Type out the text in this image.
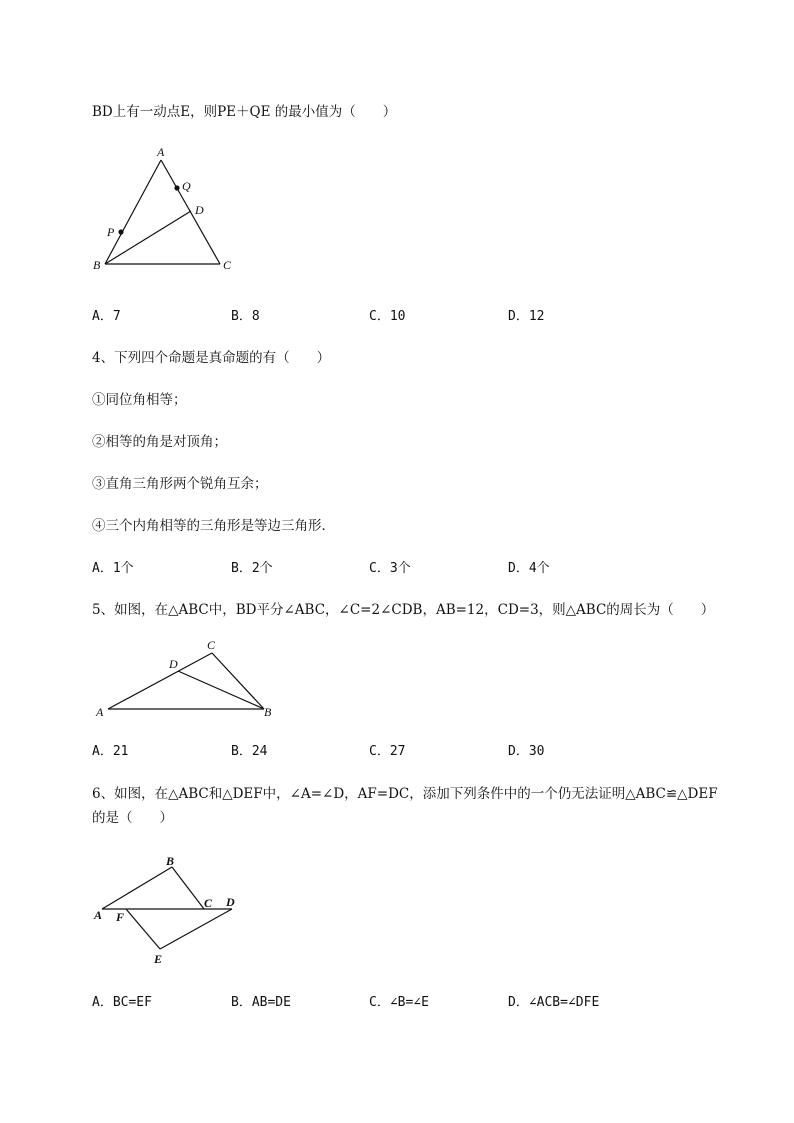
BD上有一动点E，则PE＋QE 的最小值为（　　）
A
B	C
D
P
Q
A．7	B．8	C．10	D．12
4、下列四个命题是真命题的有（　　）
①同位角相等；
②相等的角是对顶角；
③直角三角形两个锐角互余；
④三个内角相等的三角形是等边三角形．
A．1个	B．2个	C．3个	D．4个
5、如图，在△ABC中，BD平分∠ABC，∠C=2∠CDB，AB=12，CD=3，则△ABC的周长为（　　）
A	B
C
D
A．21	B．24	C．27	D．30
6、如图，在△ABC和△DEF中，∠A=∠D，AF=DC，添加下列条件中的一个仍无法证明△ABC≌△DEF
的是（　　）
A
B
C D
E
F
A．BC=EF	B．AB=DE	C．∠B=∠E	D．∠ACB=∠DFE
